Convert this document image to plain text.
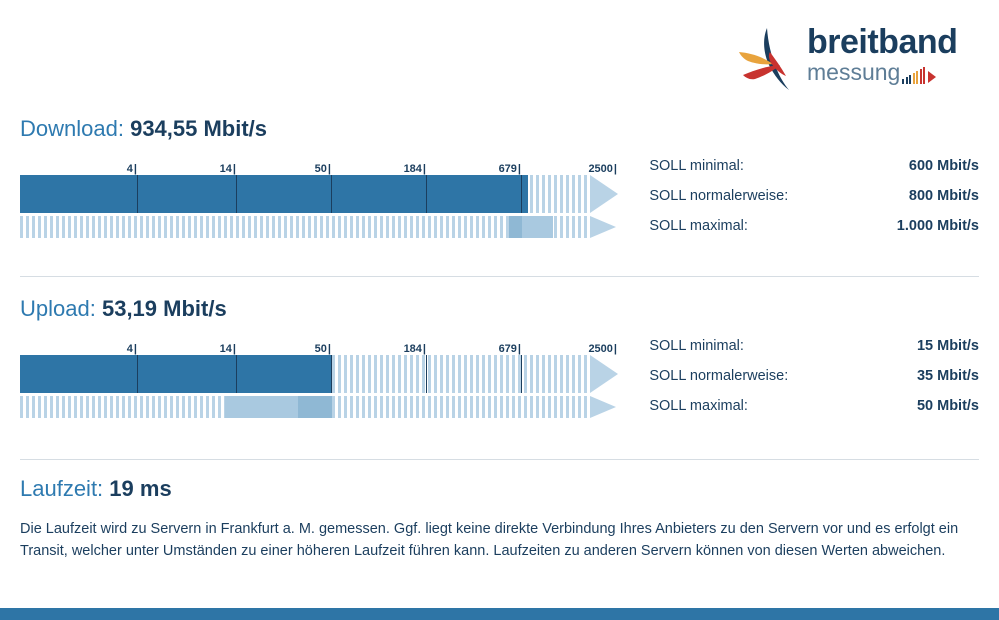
breitband
messung
Download: 934,55 Mbit/s
4 |	14 |	50 |	184 |	679 |	2500 |	SOLL minimal:	600 Mbit/s
SOLL normalerweise:	800 Mbit/s
SOLL maximal:	1.000 Mbit/s
Upload: 53,19 Mbit/s
4 |	14 |	50 |	184 |	679 |	2500 |	SOLL minimal:	15 Mbit/s
SOLL normalerweise:	35 Mbit/s
SOLL maximal:	50 Mbit/s
Laufzeit: 19 ms

Die Laufzeit wird zu Servern in Frankfurt a. M. gemessen. Ggf. liegt keine direkte Verbindung Ihres Anbieters zu den Servern vor und es erfolgt ein Transit, welcher unter Umständen zu einer höheren Laufzeit führen kann. Laufzeiten zu anderen Servern können von diesen Werten abweichen.
